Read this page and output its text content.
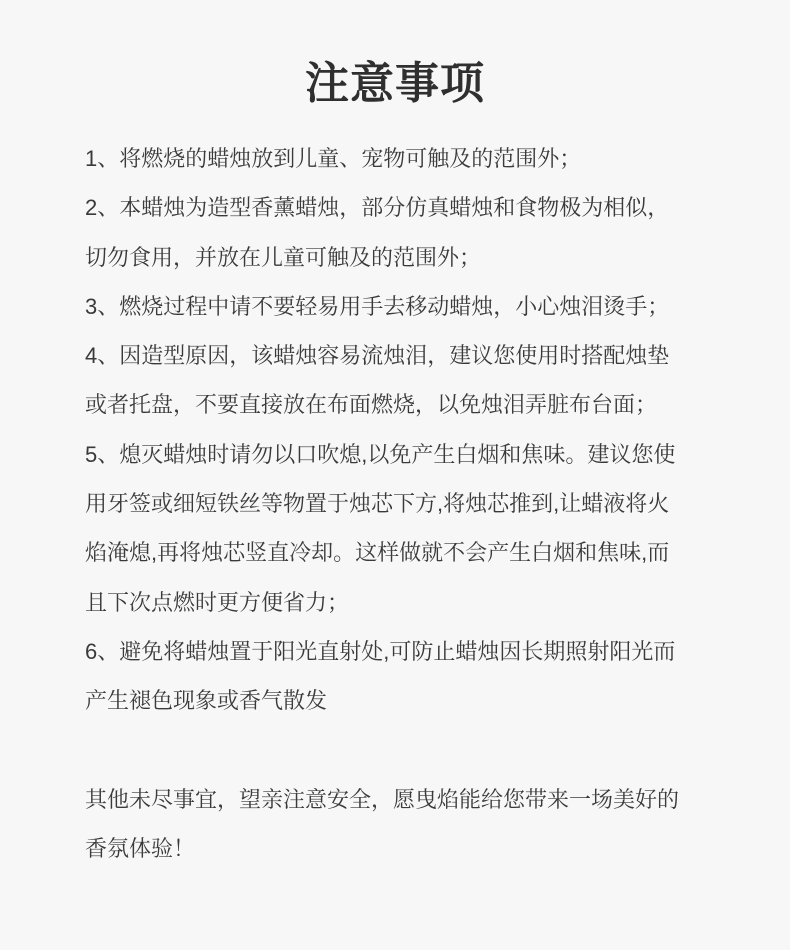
注意事项
1、将燃烧的蜡烛放到儿童、宠物可触及的范围外；
2、本蜡烛为造型香薰蜡烛，部分仿真蜡烛和食物极为相似，
切勿食用，并放在儿童可触及的范围外；
3、燃烧过程中请不要轻易用手去移动蜡烛，小心烛泪烫手；
4、因造型原因，该蜡烛容易流烛泪，建议您使用时搭配烛垫
或者托盘，不要直接放在布面燃烧，以免烛泪弄脏布台面；
5、熄灭蜡烛时请勿以口吹熄,以免产生白烟和焦味。建议您使
用牙签或细短铁丝等物置于烛芯下方,将烛芯推到,让蜡液将火
焰淹熄,再将烛芯竖直冷却。这样做就不会产生白烟和焦味,而
且下次点燃时更方便省力；
6、避免将蜡烛置于阳光直射处,可防止蜡烛因长期照射阳光而
产生褪色现象或香气散发

其他未尽事宜，望亲注意安全，愿曳焰能给您带来一场美好的
香氛体验！
